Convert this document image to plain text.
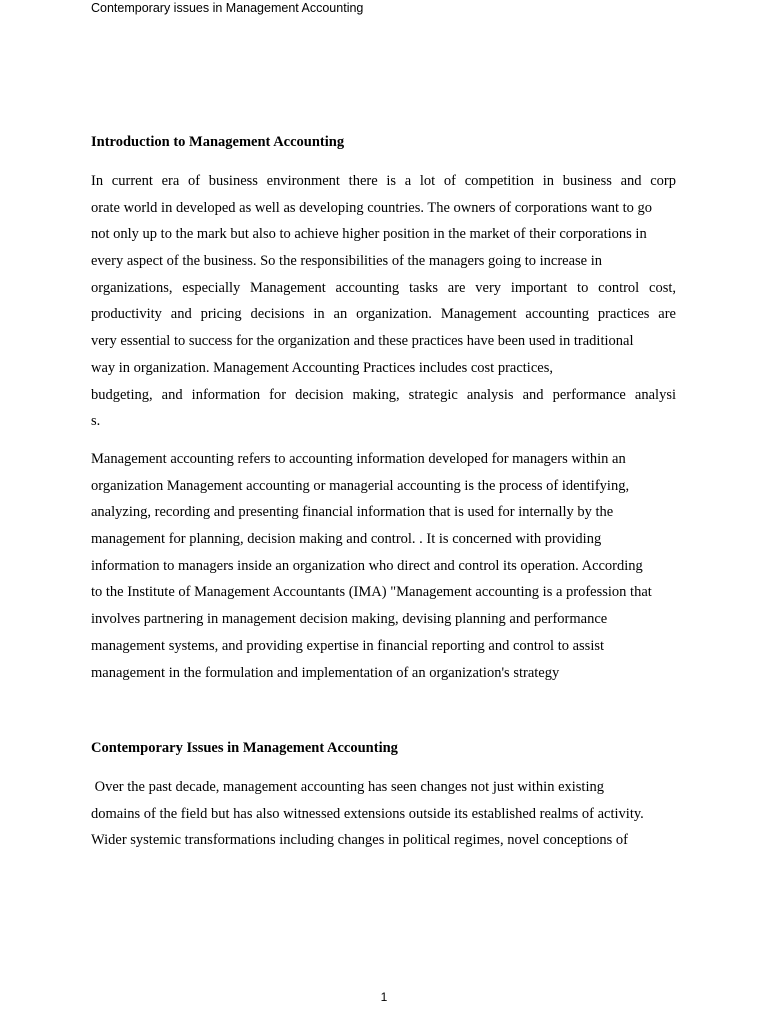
Contemporary issues in Management Accounting
Introduction to Management Accounting
In current era of business environment there is a lot of competition in business and corp
orate world in developed as well as developing countries. The owners of corporations want to go
not only up to the mark but also to achieve higher position in the market of their corporations in
every aspect of the business. So the responsibilities of the managers going to increase in
organizations, especially Management accounting tasks are very important to control cost,
productivity and pricing decisions in an organization. Management accounting practices are
very essential to success for the organization and these practices have been used in traditional
way in organization. Management Accounting Practices includes cost practices,
budgeting, and information for decision making, strategic analysis and performance analysi
s.
Management accounting refers to accounting information developed for managers within an
organization Management accounting or managerial accounting is the process of identifying,
analyzing, recording and presenting financial information that is used for internally by the
management for planning, decision making and control. . It is concerned with providing
information to managers inside an organization who direct and control its operation. According
to the Institute of Management Accountants (IMA) "Management accounting is a profession that
involves partnering in management decision making, devising planning and performance
management systems, and providing expertise in financial reporting and control to assist
management in the formulation and implementation of an organization's strategy
Contemporary Issues in Management Accounting
Over the past decade, management accounting has seen changes not just within existing
domains of the field but has also witnessed extensions outside its established realms of activity.
Wider systemic transformations including changes in political regimes, novel conceptions of
1
